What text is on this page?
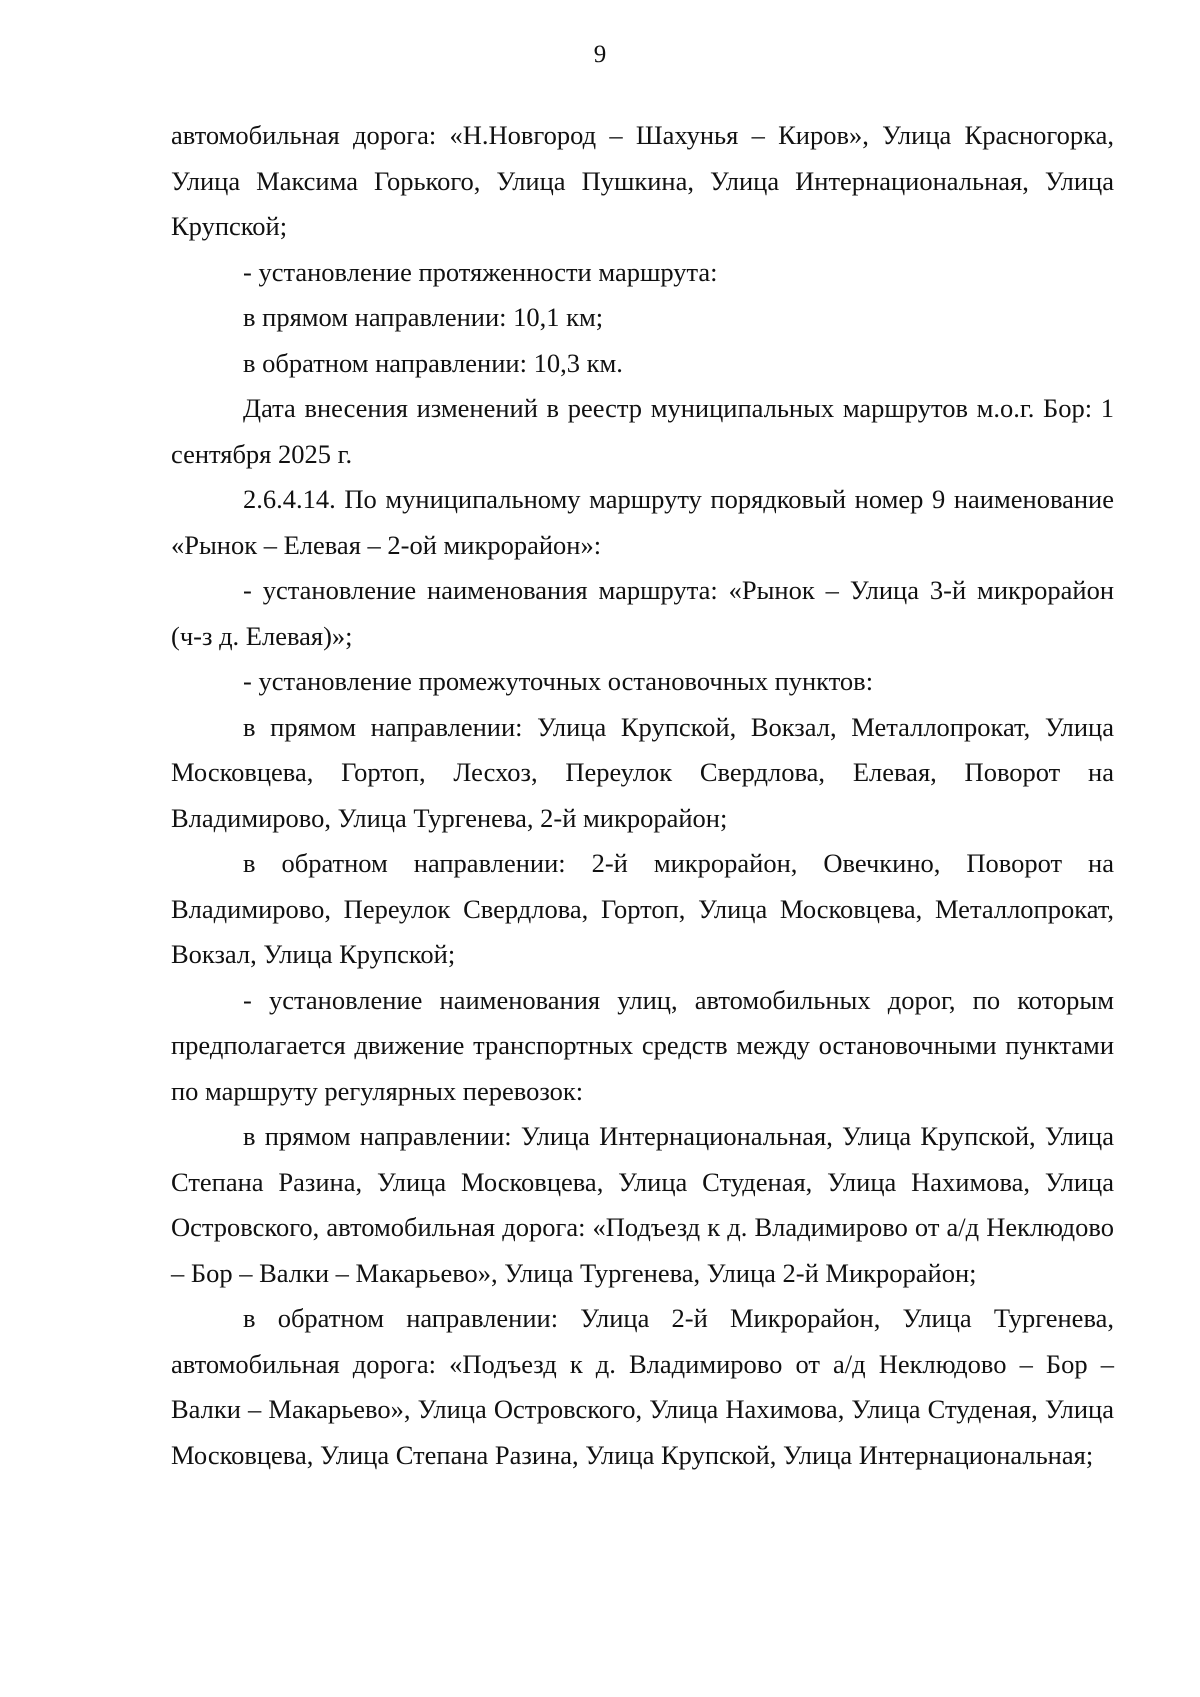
9

автомобильная дорога: «Н.Новгород – Шахунья – Киров», Улица Красногорка, Улица Максима Горького, Улица Пушкина, Улица Интернациональная, Улица Крупской;

- установление протяженности маршрута:

в прямом направлении: 10,1 км;

в обратном направлении: 10,3 км.

Дата внесения изменений в реестр муниципальных маршрутов м.о.г. Бор: 1 сентября 2025 г.

2.6.4.14. По муниципальному маршруту порядковый номер 9 наименование «Рынок – Елевая – 2-ой микрорайон»:

- установление наименования маршрута: «Рынок – Улица 3-й микрорайон (ч-з д. Елевая)»;

- установление промежуточных остановочных пунктов:

в прямом направлении: Улица Крупской, Вокзал, Металлопрокат, Улица Московцева, Гортоп, Лесхоз, Переулок Свердлова, Елевая, Поворот на Владимирово, Улица Тургенева, 2-й микрорайон;

в обратном направлении: 2-й микрорайон, Овечкино, Поворот на Владимирово, Переулок Свердлова, Гортоп, Улица Московцева, Металлопрокат, Вокзал, Улица Крупской;

- установление наименования улиц, автомобильных дорог, по которым предполагается движение транспортных средств между остановочными пунктами по маршруту регулярных перевозок:

в прямом направлении: Улица Интернациональная, Улица Крупской, Улица Степана Разина, Улица Московцева, Улица Студеная, Улица Нахимова, Улица Островского, автомобильная дорога: «Подъезд к д. Владимирово от а/д Неклюдово – Бор – Валки – Макарьево», Улица Тургенева, Улица 2-й Микрорайон;

в обратном направлении: Улица 2-й Микрорайон, Улица Тургенева, автомобильная дорога: «Подъезд к д. Владимирово от а/д Неклюдово – Бор – Валки – Макарьево», Улица Островского, Улица Нахимова, Улица Студеная, Улица Московцева, Улица Степана Разина, Улица Крупской, Улица Интернациональная;
